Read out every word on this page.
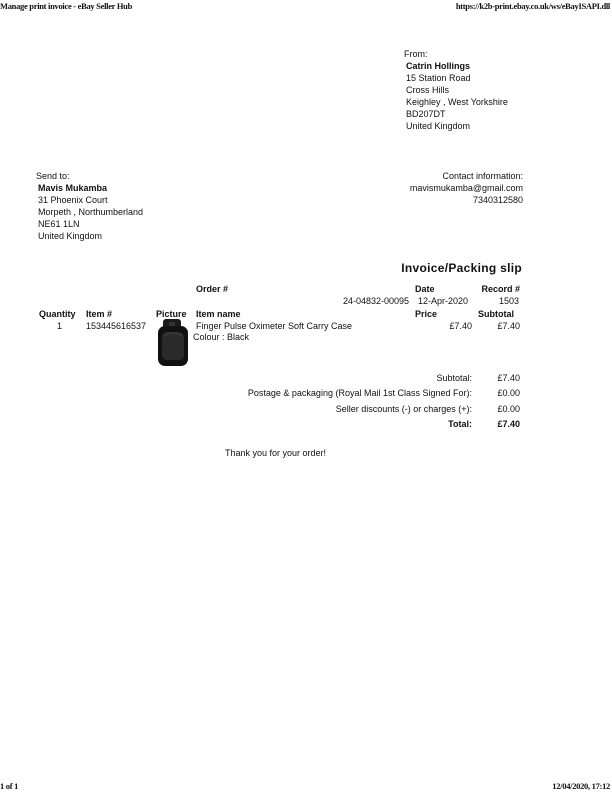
Manage print invoice - eBay Seller Hub	https://k2b-print.ebay.co.uk/ws/eBayISAPI.dll
From:
Catrin Hollings
15 Station Road
Cross Hills
Keighley , West Yorkshire
BD207DT
United Kingdom
Send to:
Mavis Mukamba
31 Phoenix Court
Morpeth , Northumberland
NE61 1LN
United Kingdom
Contact information:
mavismukamba@gmail.com
7340312580
Invoice/Packing slip
Order #	Date	Record #
24-04832-00095 12-Apr-2020	1503
Quantity Item #	Picture Item name	Price	Subtotal
1	153445616537	Finger Pulse Oximeter Soft Carry Case
Colour : Black
£7.40	£7.40
Subtotal:	£7.40
Postage & packaging (Royal Mail 1st Class Signed For):	£0.00
Seller discounts (-) or charges (+):	£0.00
Total:	£7.40
Thank you for your order!
1 of 1	12/04/2020, 17:12
